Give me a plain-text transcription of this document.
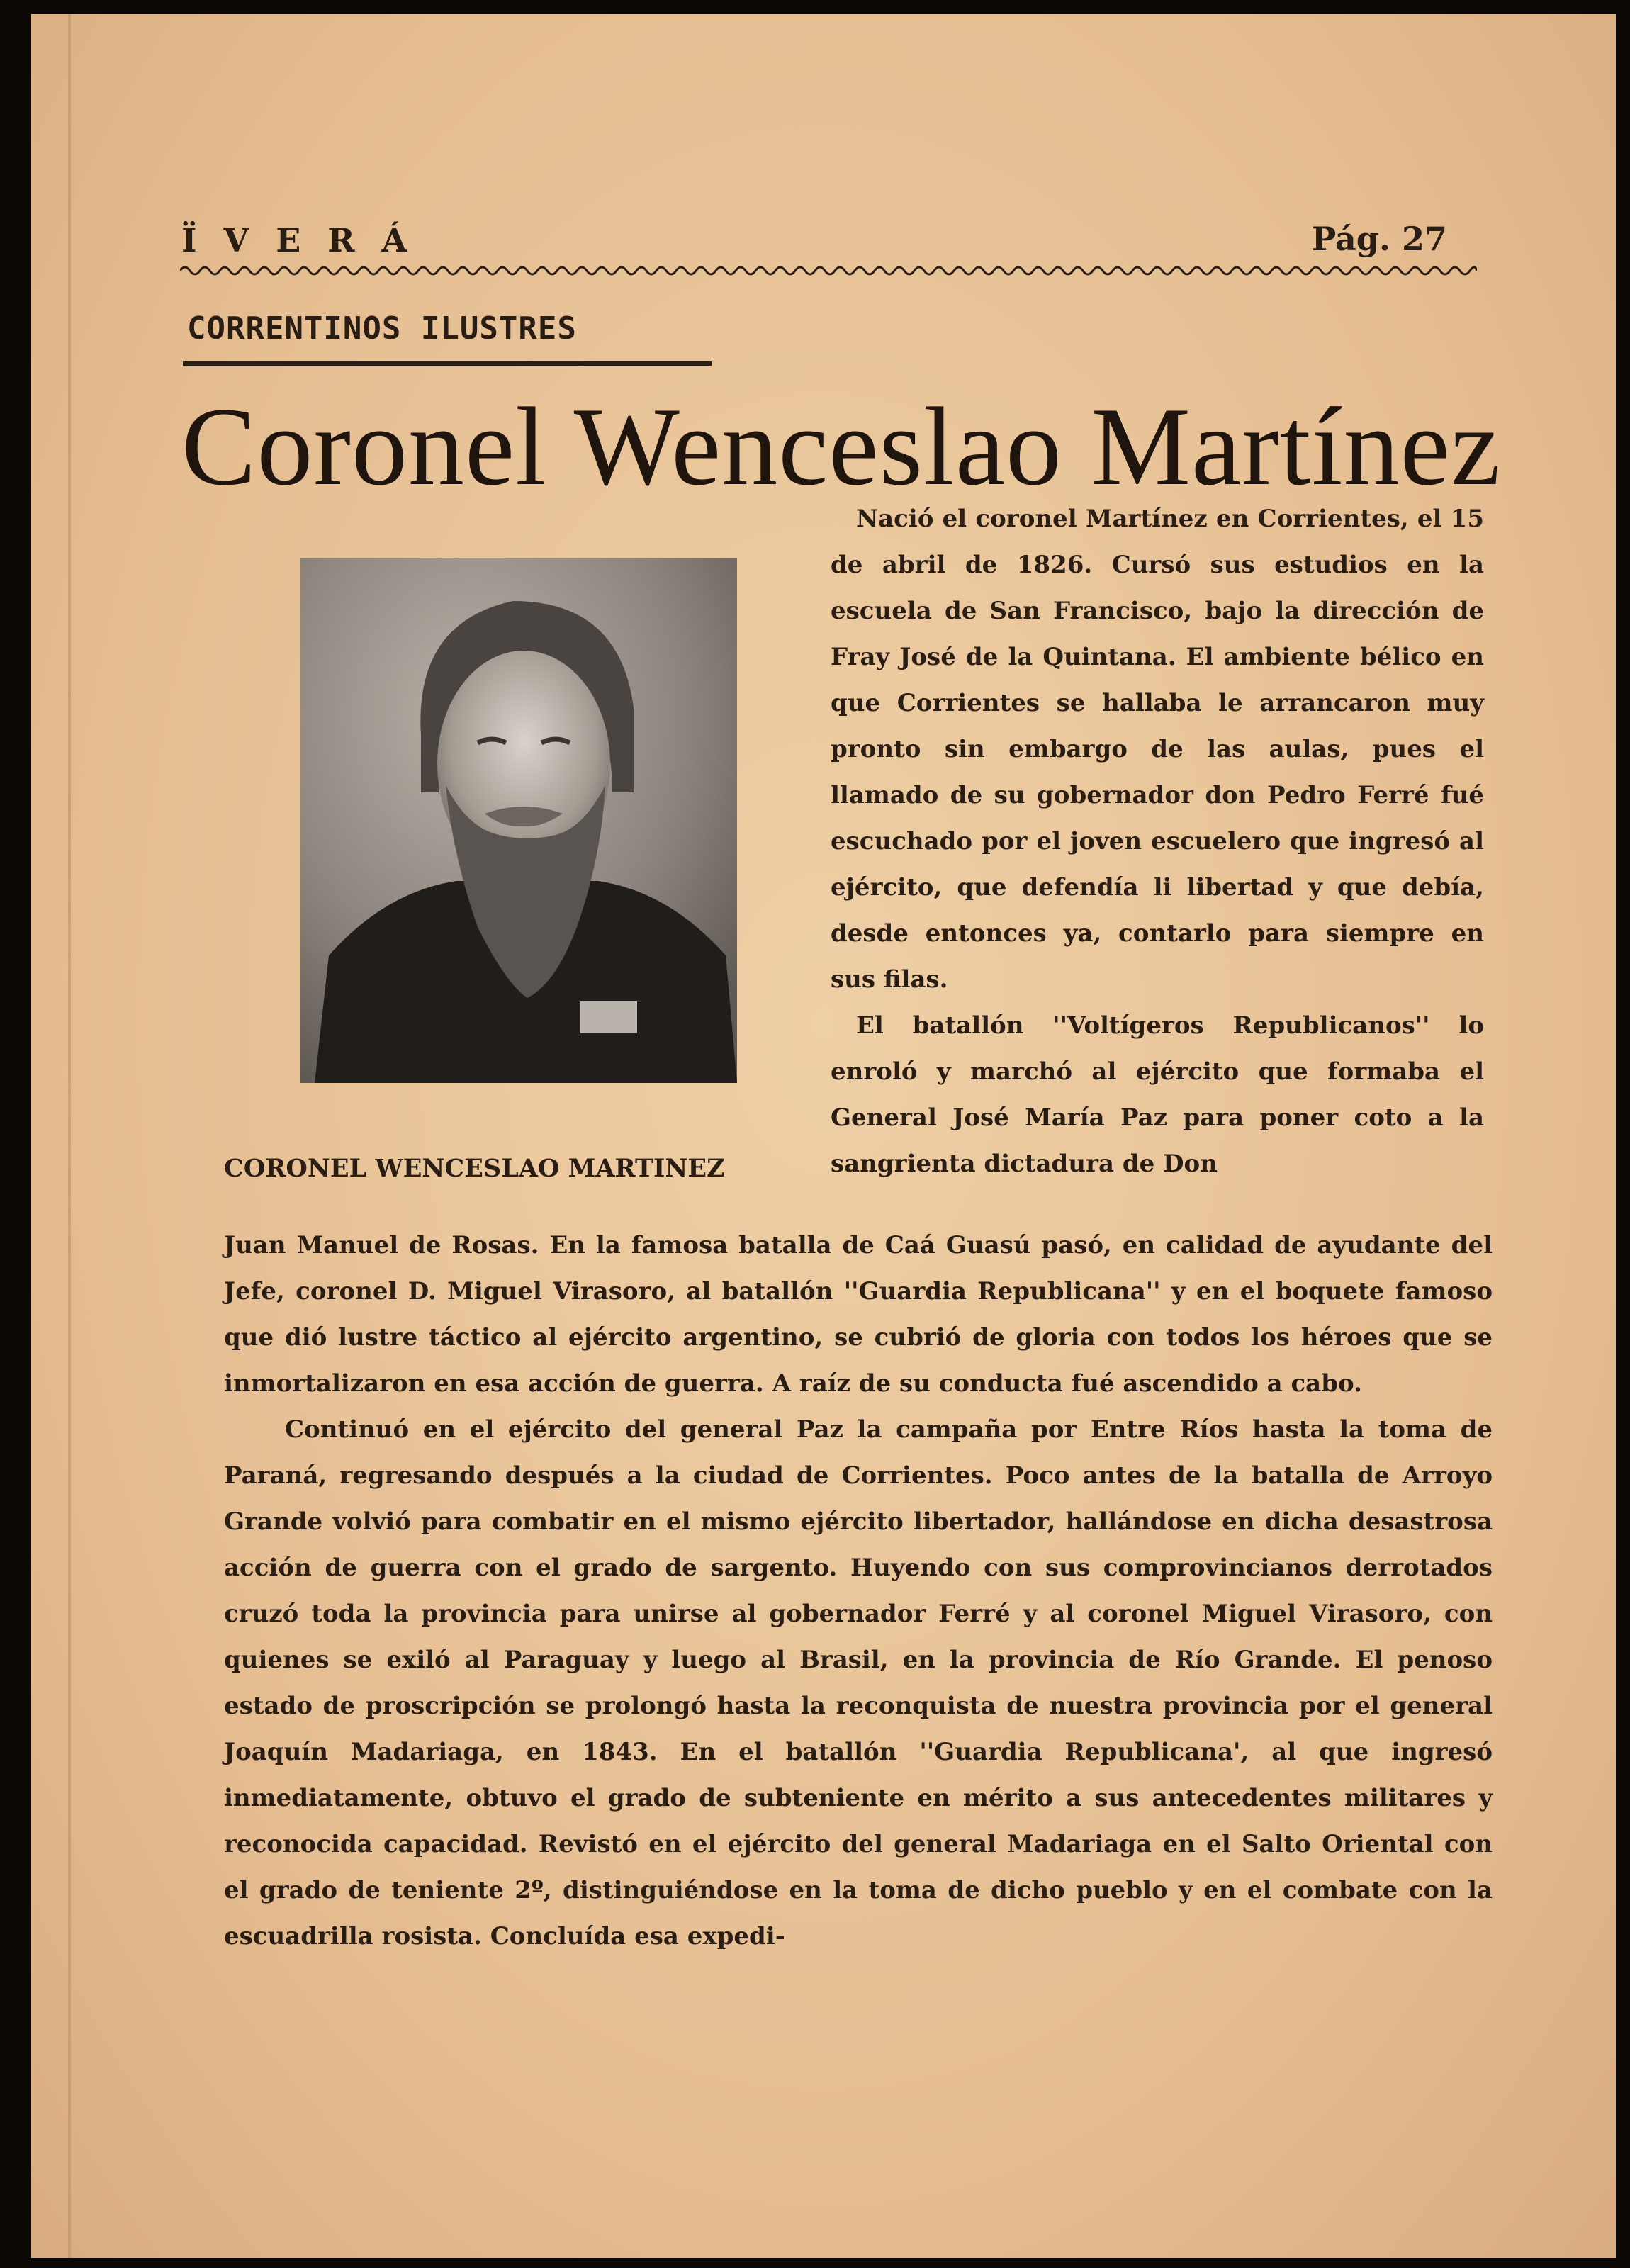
ÏVERÁ	Pág. 27
CORRENTINOS ILUSTRES
Coronel Wenceslao Martínez
CORONEL WENCESLAO MARTINEZ

Nació el coronel Martínez en Corrientes, el 15 de abril de 1826. Cursó sus estudios en la escuela de San Francisco, bajo la dirección de Fray José de la Quintana. El ambiente bélico en que Corrientes se hallaba le arrancaron muy pronto sin embargo de las aulas, pues el llamado de su gobernador don Pedro Ferré fué escuchado por el joven escuelero que ingresó al ejército, que defendía li libertad y que debía, desde entonces ya, contarlo para siempre en sus filas.

El batallón ''Voltígeros Republicanos'' lo enroló y marchó al ejército que formaba el General José María Paz para poner coto a la sangrienta dictadura de Don

Juan Manuel de Rosas. En la famosa batalla de Caá Guasú pasó, en calidad de ayudante del Jefe, coronel D. Miguel Virasoro, al batallón ''Guardia Republicana'' y en el boquete famoso que dió lustre táctico al ejército argentino, se cubrió de gloria con todos los héroes que se inmortalizaron en esa acción de guerra. A raíz de su conducta fué ascendido a cabo.

Continuó en el ejército del general Paz la campaña por Entre Ríos hasta la toma de Paraná, regresando después a la ciudad de Corrientes. Poco antes de la batalla de Arroyo Grande volvió para combatir en el mismo ejército libertador, hallándose en dicha desastrosa acción de guerra con el grado de sargento. Huyendo con sus comprovincianos derrotados cruzó toda la provincia para unirse al gobernador Ferré y al coronel Miguel Virasoro, con quienes se exiló al Paraguay y luego al Brasil, en la provincia de Río Grande. El penoso estado de proscripción se prolongó hasta la reconquista de nuestra provincia por el general Joaquín Madariaga, en 1843. En el batallón ''Guardia Republicana', al que ingresó inmediatamente, obtuvo el grado de subteniente en mérito a sus antecedentes militares y reconocida capacidad. Revistó en el ejército del general Madariaga en el Salto Oriental con el grado de teniente 2º, distinguiéndose en la toma de dicho pueblo y en el combate con la escuadrilla rosista. Concluída esa expedi-
